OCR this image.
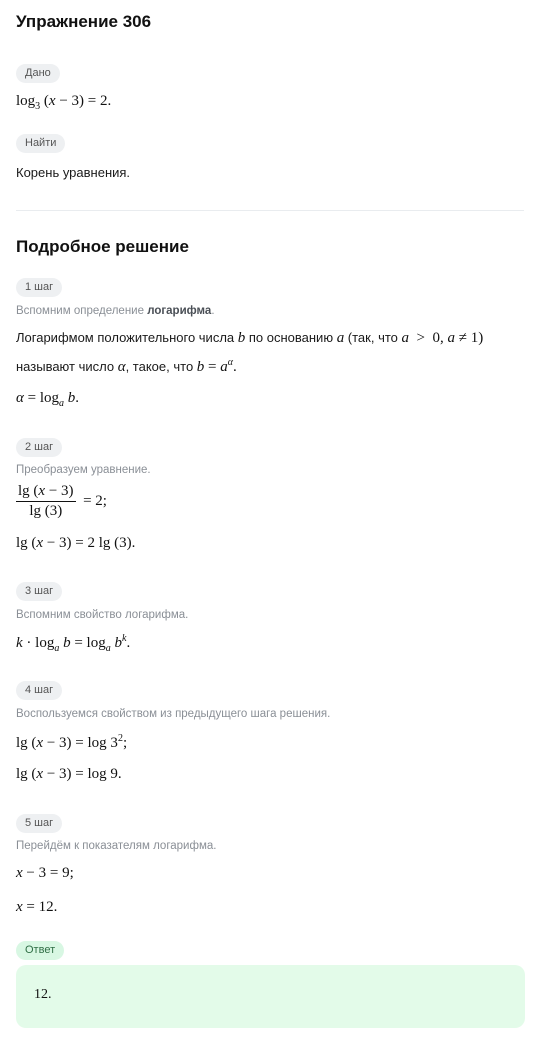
Упражнение 306
Дано
$\log_3 (x - 3) = 2$.
Найти
Корень уравнения.
Подробное решение
1 шаг
Вспомним определение логарифма.
Логарифмом положительного числа b по основанию a (так, что a  >  0, a ≠ 1)
называют число α, такое, что $b = a^\alpha$.
$\alpha = \log_a b$.
2 шаг
Преобразуем уравнение.
$\frac{\lg (x - 3)}{\lg (3)} = 2$;
lg (x − 3) = 2 lg (3).
3 шаг
Вспомним свойство логарифма.
$k \cdot \log_a b = \log_a b^k$.
4 шаг
Воспользуемся свойством из предыдущего шага решения.
$\lg (x - 3) = \log 3^2$;
lg (x − 3) = log 9.
5 шаг
Перейдём к показателям логарифма.
x − 3 = 9;
x = 12.
Ответ
12.
